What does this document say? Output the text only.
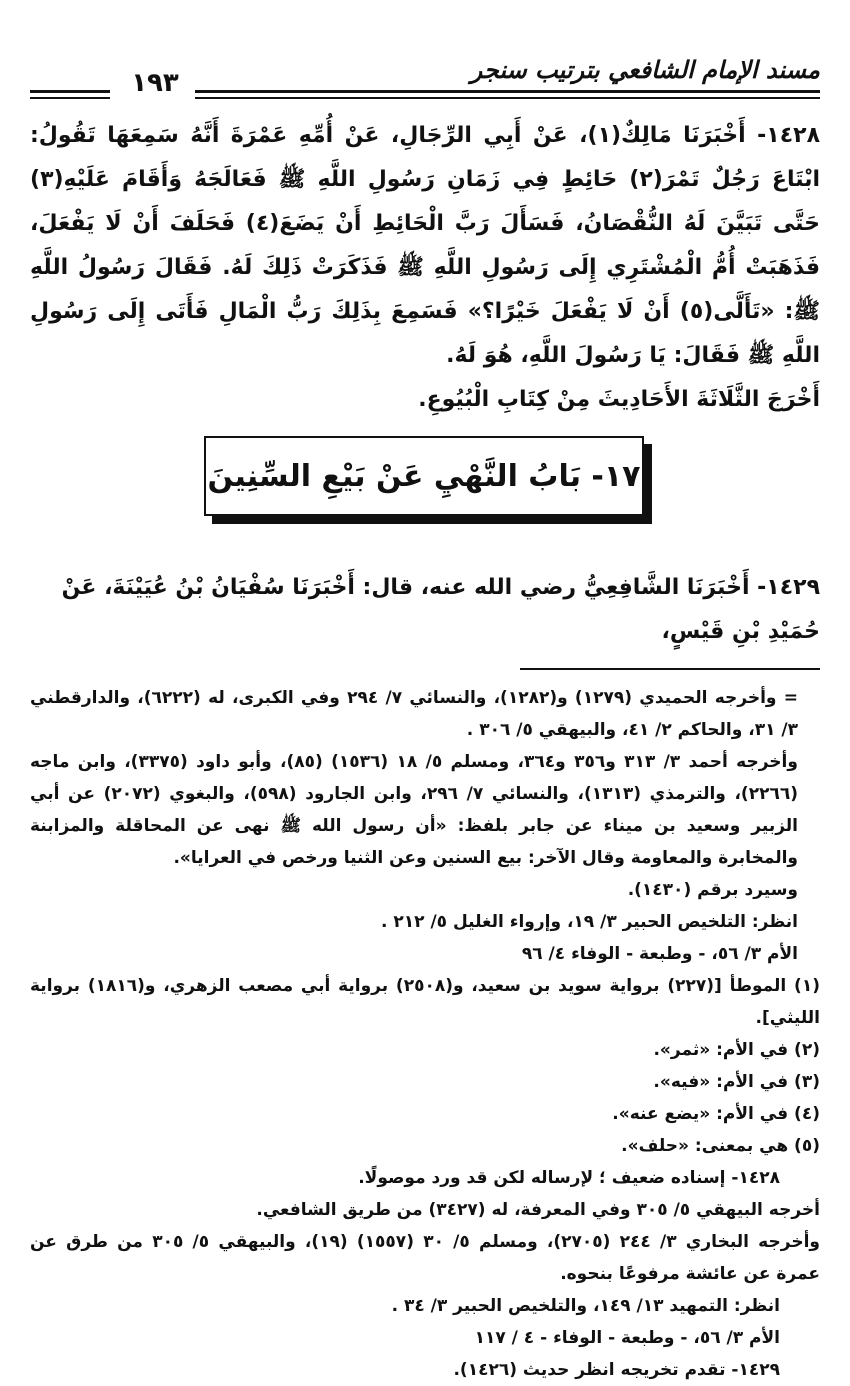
مسند الإمام الشافعي بترتيب سنجر
١٩٣

١٤٢٨- أَخْبَرَنَا مَالِكٌ(١)، عَنْ أَبِي الرِّجَالِ، عَنْ أُمِّهِ عَمْرَةَ أَنَّهُ سَمِعَهَا تَقُولُ: ابْتَاعَ رَجُلٌ تَمْرَ(٢) حَائِطٍ فِي زَمَانِ رَسُولِ اللَّهِ ﷺ فَعَالَجَهُ وَأَقَامَ عَلَيْهِ(٣) حَتَّى تَبَيَّنَ لَهُ النُّقْصَانُ، فَسَأَلَ رَبَّ الْحَائِطِ أَنْ يَضَعَ(٤) فَحَلَفَ أَنْ لَا يَفْعَلَ، فَذَهَبَتْ أُمُّ الْمُشْتَرِي إِلَى رَسُولِ اللَّهِ ﷺ فَذَكَرَتْ ذَلِكَ لَهُ. فَقَالَ رَسُولُ اللَّهِ ﷺ: «تَأَلَّى(٥) أَنْ لَا يَفْعَلَ خَيْرًا؟» فَسَمِعَ بِذَلِكَ رَبُّ الْمَالِ فَأَتَى إِلَى رَسُولِ اللَّهِ ﷺ فَقَالَ: يَا رَسُولَ اللَّهِ، هُوَ لَهُ.

أَخْرَجَ الثَّلَاثَةَ الأَحَادِيثَ مِنْ كِتَابِ الْبُيُوعِ.

١٧- بَابُ النَّهْيِ عَنْ بَيْعِ السِّنِينَ

١٤٢٩- أَخْبَرَنَا الشَّافِعِيُّ رضي الله عنه، قال: أَخْبَرَنَا سُفْيَانُ بْنُ عُيَيْنَةَ، عَنْ حُمَيْدِ بْنِ قَيْسٍ،

= وأخرجه الحميدي (١٢٧٩) و(١٢٨٢)، والنسائي ٧/ ٢٩٤ وفي الكبرى، له (٦٢٢٢)، والدارقطني ٣/ ٣١، والحاكم ٢/ ٤١، والبيهقي ٥/ ٣٠٦ .

وأخرجه أحمد ٣/ ٣١٣ و٣٥٦ و٣٦٤، ومسلم ٥/ ١٨ (١٥٣٦) (٨٥)، وأبو داود (٣٣٧٥)، وابن ماجه (٢٢٦٦)، والترمذي (١٣١٣)، والنسائي ٧/ ٢٩٦، وابن الجارود (٥٩٨)، والبغوي (٢٠٧٢) عن أبي الزبير وسعيد بن ميناء عن جابر بلفظ: «أن رسول الله ﷺ نهى عن المحاقلة والمزابنة والمخابرة والمعاومة وقال الآخر: بيع السنين وعن الثنيا ورخص في العرايا».

وسيرد برقم (١٤٣٠).

انظر: التلخيص الحبير ٣/ ١٩، وإرواء الغليل ٥/ ٢١٢ .

الأم ٣/ ٥٦، - وطبعة - الوفاء ٤/ ٩٦

(١) الموطأ [(٢٢٧) برواية سويد بن سعيد، و(٢٥٠٨) برواية أبي مصعب الزهري، و(١٨١٦) برواية الليثي].

(٢) في الأم: «ثمر».

(٣) في الأم: «فيه».

(٤) في الأم: «يضع عنه».

(٥) هي بمعنى: «حلف».

١٤٢٨- إسناده ضعيف ؛ لإرساله لكن قد ورد موصولًا.

أخرجه البيهقي ٥/ ٣٠٥ وفي المعرفة، له (٣٤٢٧) من طريق الشافعي.

وأخرجه البخاري ٣/ ٢٤٤ (٢٧٠٥)، ومسلم ٥/ ٣٠ (١٥٥٧) (١٩)، والبيهقي ٥/ ٣٠٥ من طرق عن عمرة عن عائشة مرفوعًا بنحوه.

انظر: التمهيد ١٣/ ١٤٩، والتلخيص الحبير ٣/ ٣٤ .

الأم ٣/ ٥٦، - وطبعة - الوفاء - ٤ / ١١٧

١٤٢٩- تقدم تخريجه انظر حديث (١٤٢٦).
